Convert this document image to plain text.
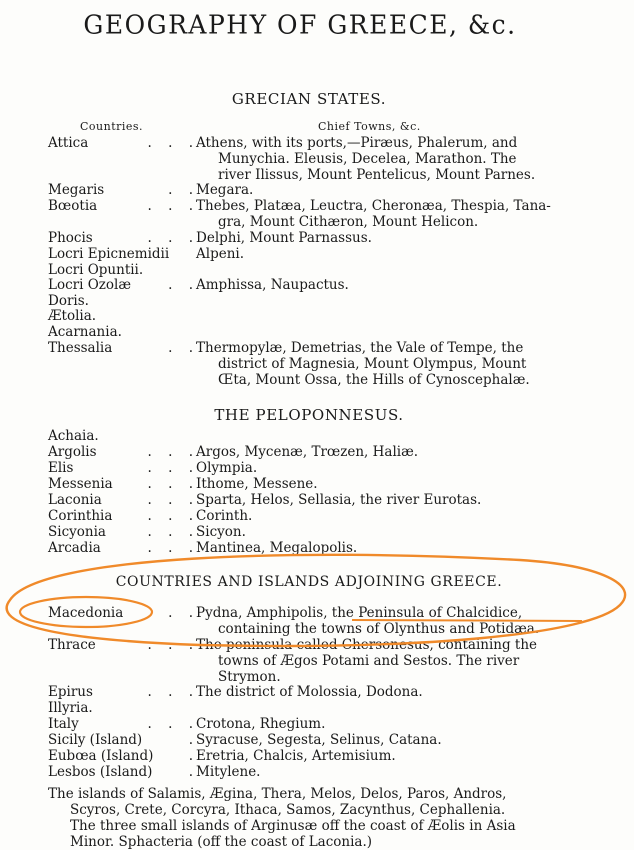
GEOGRAPHY OF GREECE, &c.
GRECIAN STATES.
Countries.	Chief Towns, &c.
Attica	. . . Athens, with its ports,—Piræus, Phalerum, and
Munychia. Eleusis, Decelea, Marathon. The
river Ilissus, Mount Pentelicus, Mount Parnes.
Megaris	. . Megara.
Bœotia	. . . Thebes, Platæa, Leuctra, Cheronæa, Thespia, Tana-
gra, Mount Cithæron, Mount Helicon.
Phocis	. . . Delphi, Mount Parnassus.
Locri Epicnemidii Alpeni.
Locri Opuntii.
Locri Ozolæ	. . Amphissa, Naupactus.
Doris.
Ætolia.
Acarnania.
Thessalia	. . Thermopylæ, Demetrias, the Vale of Tempe, the
district of Magnesia, Mount Olympus, Mount
Œta, Mount Ossa, the Hills of Cynoscephalæ.
THE PELOPONNESUS.
Achaia.
Argolis	. . . Argos, Mycenæ, Trœzen, Haliæ.
Elis	. . . Olympia.
Messenia	. . . Ithome, Messene.
Laconia	. . . Sparta, Helos, Sellasia, the river Eurotas.
Corinthia	. . . Corinth.
Sicyonia	. . . Sicyon.
Arcadia	. . . Mantinea, Megalopolis.
COUNTRIES AND ISLANDS ADJOINING GREECE.
Macedonia	. . Pydna, Amphipolis, the Peninsula of Chalcidice,
containing the towns of Olynthus and Potidæa.
Thrace	. . . The peninsula called Chersonesus, containing the
towns of Ægos Potami and Sestos. The river
Strymon.
Epirus	. . . The district of Molossia, Dodona.
Illyria.
Italy	. . . Crotona, Rhegium.
Sicily (Island)	. Syracuse, Segesta, Selinus, Catana.
Eubœa (Island)	. Eretria, Chalcis, Artemisium.
Lesbos (Island)	. Mitylene.
The islands of Salamis, Ægina, Thera, Melos, Delos, Paros, Andros,
Scyros, Crete, Corcyra, Ithaca, Samos, Zacynthus, Cephallenia.
The three small islands of Arginusæ off the coast of Æolis in Asia
Minor. Sphacteria (off the coast of Laconia.)
